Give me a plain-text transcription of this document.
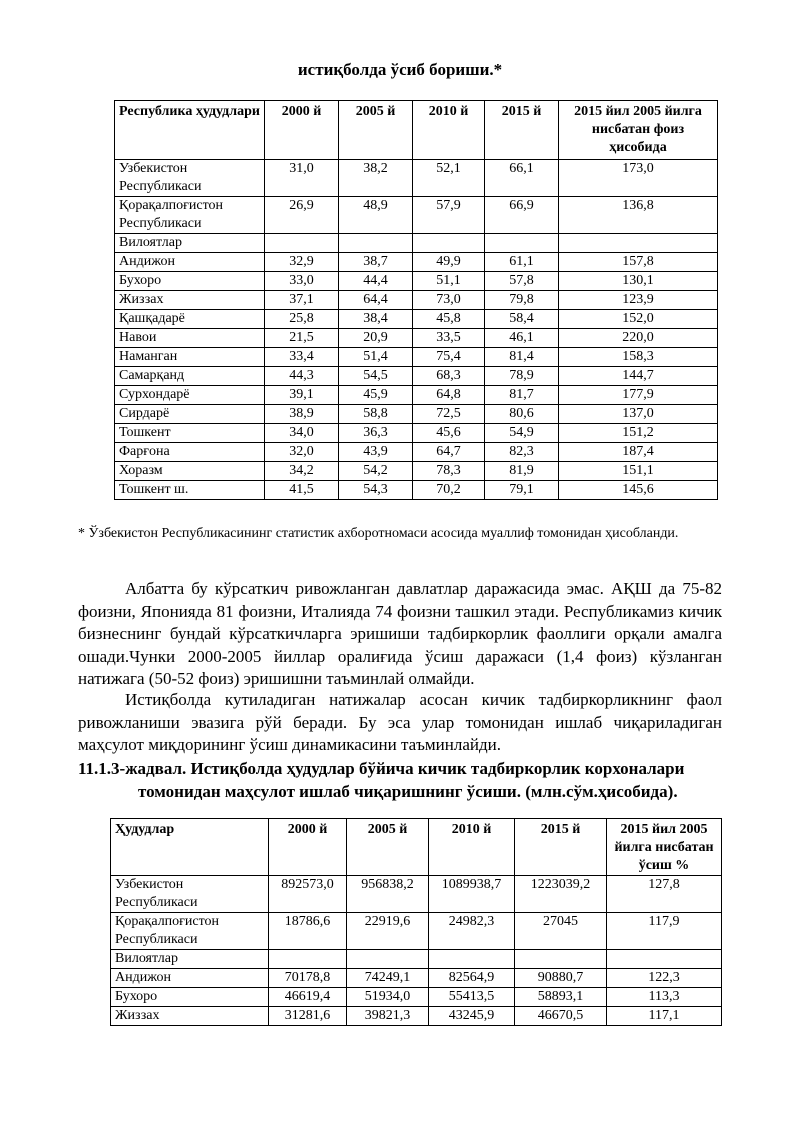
истиқболда ўсиб бориши.*
Республика ҳудудлари	2000 й	2005 й	2010 й	2015 й	2015 йил 2005 йилга нисбатан фоиз ҳисобида
Узбекистон Республикаси	31,0	38,2	52,1	66,1	173,0
Қорақалпоғистон Республикаси	26,9	48,9	57,9	66,9	136,8
Вилоятлар					
Андижон	32,9	38,7	49,9	61,1	157,8
Бухоро	33,0	44,4	51,1	57,8	130,1
Жиззах	37,1	64,4	73,0	79,8	123,9
Қашқадарё	25,8	38,4	45,8	58,4	152,0
Навои	21,5	20,9	33,5	46,1	220,0
Наманган	33,4	51,4	75,4	81,4	158,3
Самарқанд	44,3	54,5	68,3	78,9	144,7
Сурхондарё	39,1	45,9	64,8	81,7	177,9
Сирдарё	38,9	58,8	72,5	80,6	137,0
Тошкент	34,0	36,3	45,6	54,9	151,2
Фарғона	32,0	43,9	64,7	82,3	187,4
Хоразм	34,2	54,2	78,3	81,9	151,1
Тошкент ш.	41,5	54,3	70,2	79,1	145,6
* Ўзбекистон Республикасининг статистик ахборотномаси асосида муаллиф томонидан ҳисобланди.

Албатта бу кўрсаткич ривожланган давлатлар даражасида эмас. АҚШ да 75-82 фоизни, Японияда 81 фоизни, Италияда 74 фоизни ташкил этади. Республикамиз кичик бизнеснинг бундай кўрсаткичларга эришиши тадбиркорлик фаоллиги орқали амалга ошади.Чунки 2000-2005 йиллар оралиғида ўсиш даражаси (1,4 фоиз) кўзланган натижага (50-52 фоиз) эришишни таъминлай олмайди.

Истиқболда кутиладиган натижалар асосан кичик тадбиркорликнинг фаол ривожланиши эвазига рўй беради. Бу эса улар томонидан ишлаб чиқариладиган маҳсулот миқдорининг ўсиш динамикасини таъминлайди.

11.1.3-жадвал. Истиқболда ҳудудлар бўйича кичик тадбиркорлик корхоналари
томонидан маҳсулот ишлаб чиқаришнинг ўсиши. (млн.сўм.ҳисобида).
Ҳудудлар	2000 й	2005 й	2010 й	2015 й	2015 йил 2005 йилга нисбатан ўсиш %
Узбекистон Республикаси	892573,0	956838,2	1089938,7	1223039,2	127,8
Қорақалпоғистон Республикаси	18786,6	22919,6	24982,3	27045	117,9
Вилоятлар					
Андижон	70178,8	74249,1	82564,9	90880,7	122,3
Бухоро	46619,4	51934,0	55413,5	58893,1	113,3
Жиззах	31281,6	39821,3	43245,9	46670,5	117,1
